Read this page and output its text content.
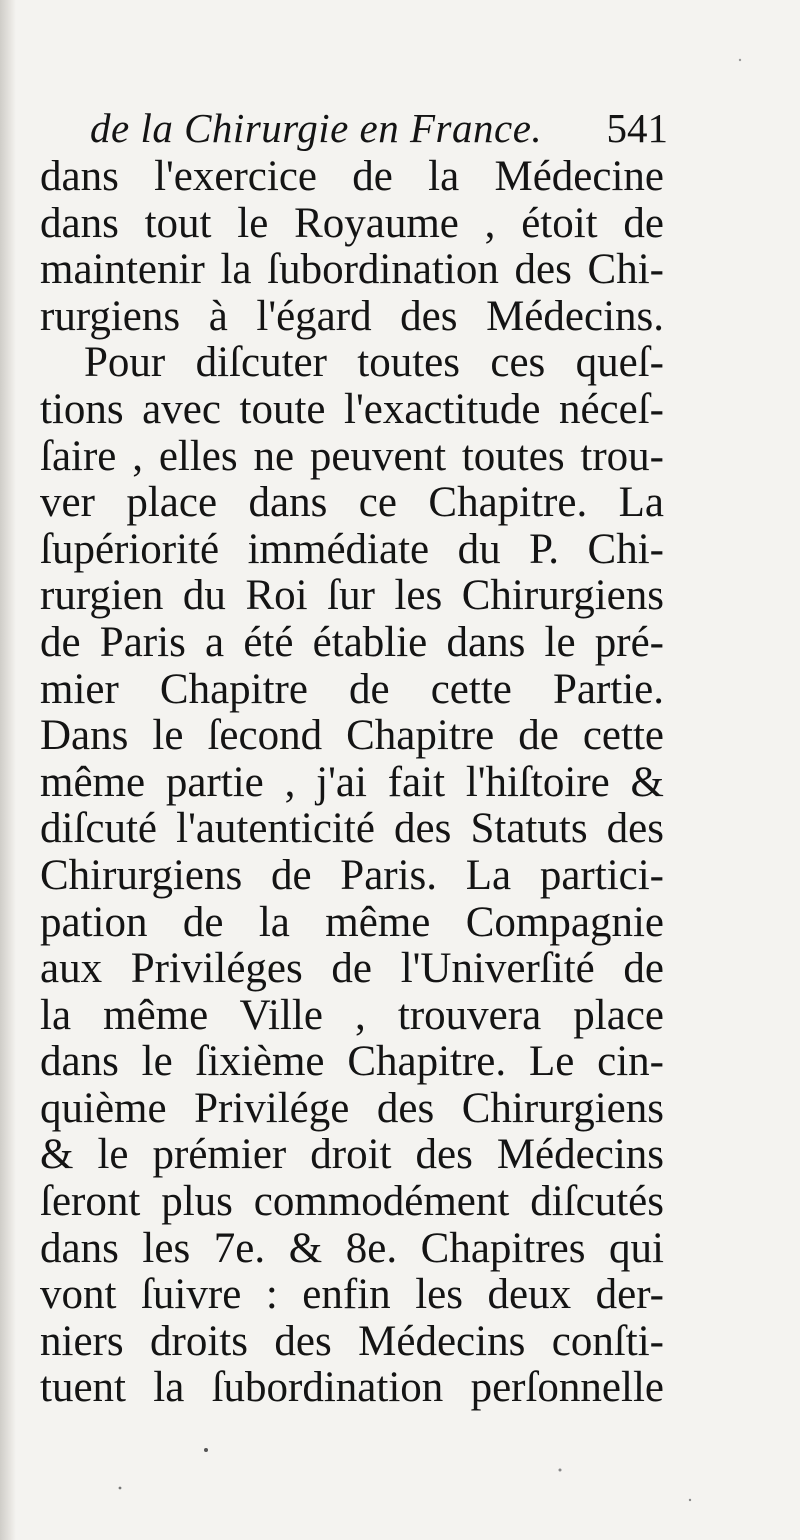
de la Chirurgie en France. 541
dans l'exercice de la Médecine
dans tout le Royaume , étoit de
maintenir la ſubordination des Chi-
rurgiens à l'égard des Médecins.
Pour diſcuter toutes ces queſ-
tions avec toute l'exactitude néceſ-
ſaire , elles ne peuvent toutes trou-
ver place dans ce Chapitre. La
ſupériorité immédiate du P. Chi-
rurgien du Roi ſur les Chirurgiens
de Paris a été établie dans le pré-
mier Chapitre de cette Partie.
Dans le ſecond Chapitre de cette
même partie , j'ai fait l'hiſtoire &
diſcuté l'autenticité des Statuts des
Chirurgiens de Paris. La partici-
pation de la même Compagnie
aux Priviléges de l'Univerſité de
la même Ville , trouvera place
dans le ſixième Chapitre. Le cin-
quième Privilége des Chirurgiens
& le prémier droit des Médecins
ſeront plus commodément diſcutés
dans les 7e. & 8e. Chapitres qui
vont ſuivre : enfin les deux der-
niers droits des Médecins conſti-
tuent la ſubordination perſonnelle
